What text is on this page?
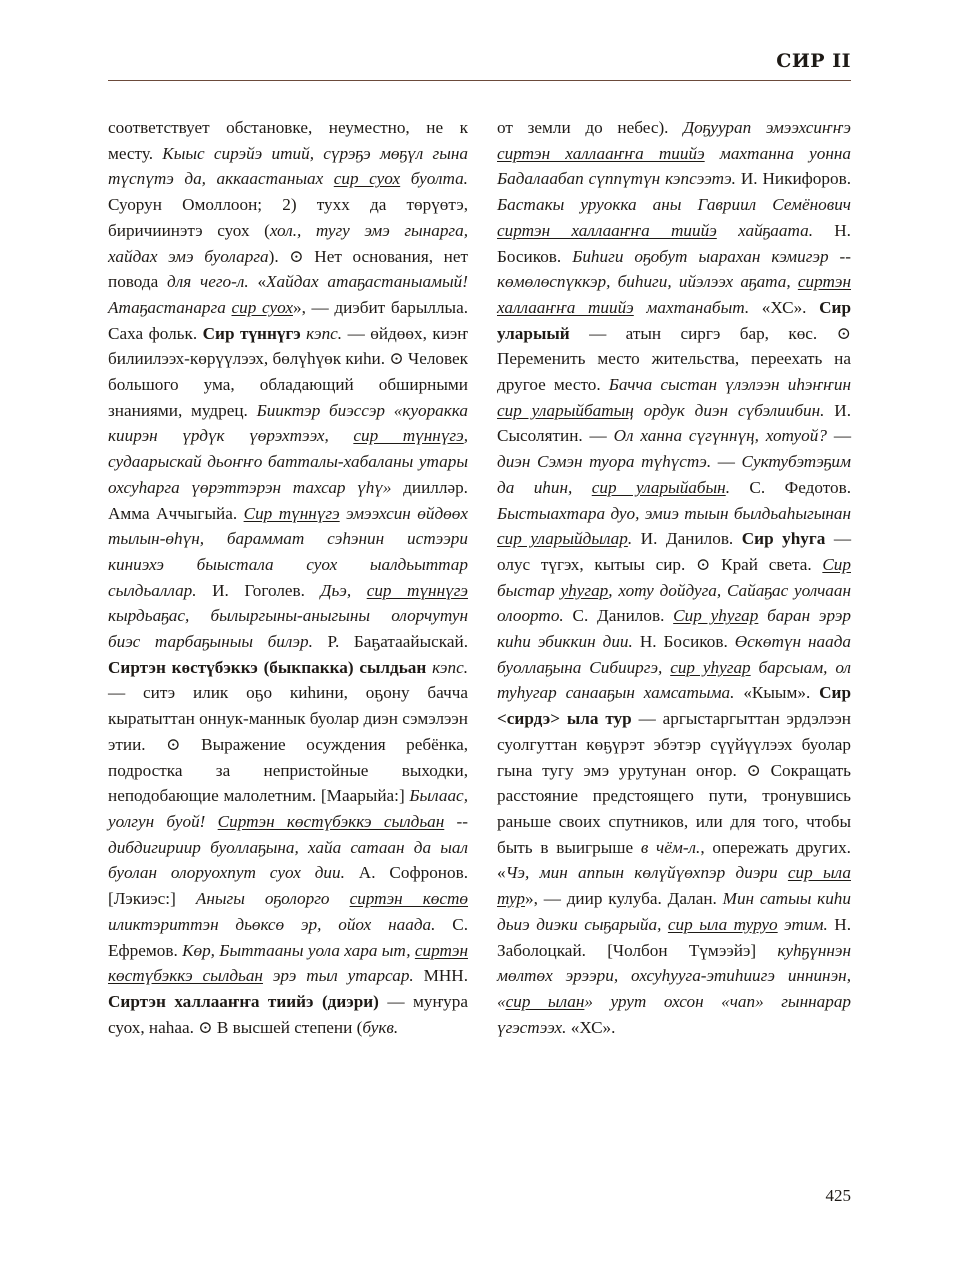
СИР II

соответствует обстановке, неуместно, не к месту. Кыыс сирэйэ итий, сүрэҕэ мөҕүл гына түспүтэ да, аккаастаныах сир суох буолта. Суорун Омоллоон; 2) тухх да төрүөтэ, биричиинэтэ суох (хол., тугу эмэ гынарга, хайдах эмэ буоларга). ⊙ Нет основания, нет повода для чего-л. «Хайдах атаҕастаныамый! Атаҕастанарга сир суох», — диэбит барыллыа. Саха фольк. Сир түннүгэ кэпс. — өйдөөх, киэҥ билиилээх-көрүүлээх, бөлүһүөк киһи. ⊙ Человек большого ума, обладающий обширными знаниями, мудрец. Бииктэр биэссэр «куоракка киирэн үрдүк үөрэхтээх, сир түннүгэ, судаарыскай дьоҥҥо батталы-хабаланы утары охсуһарга үөрэттэрэн тахсар үһү» диилләр. Амма Аччыгыйа. Сир түннүгэ эмээхсин өйдөөх тылын-өһүн, бараммат сэһэнин истээри киниэхэ быыстала суох ыалдьыттар сылдьаллар. И. Гоголев. Дьэ, сир түннүгэ кырдьаҕас, былыргыны-аныгыны олорчутун биэс тарбаҕыныы билэр. Р. Баҕатаайыскай. Сиртэн көстүбэккэ (быкпакка) сылдьан кэпс. — ситэ илик оҕо киһини, оҕону бачча кыратыттан оннук-маннык буолар диэн сэмэлээн этии. ⊙ Выражение осуждения ребёнка, подростка за непристойные выходки, неподобающие малолетним. [Маарыйа:] Былаас, уолгун буой! Сиртэн көстүбэккэ сылдьан -- дибдигириир буоллаҕына, хайа сатаан да ыал буолан олоруохпут суох дии. А. Софронов. [Лэкиэс:] Аныгы оҕолорго сиртэн көстө иликтэриттэн дьөксө эр, ойох наада. С. Ефремов. Көр, Быттааны уола хара ыт, сиртэн көстүбэккэ сылдьан эрэ тыл утарсар. МНН. Сиртэн халлааҥҥа тиийэ (диэри) — муҥура суох, наһаа. ⊙ В высшей степени (букв.

от земли до небес). Доҕуурап эмээхсиҥҥэ сиртэн халлааҥҥа тиийэ махтанна уонна Бадалаабап сүппүтүн кэпсээтэ. И. Никифоров. Бастакы уруокка аны Гавриил Семёнович сиртэн халлааҥҥа тиийэ хайҕаата. Н. Босиков. Биһиги оҕобут ыарахан кэмигэр -- көмөлөспүккэр, биһиги, ийэлээх аҕата, сиртэн халлааҥҥа тиийэ махтанабыт. «ХС». Сир уларыый — атын сиргэ бар, көс. ⊙ Переменить место жительства, переехать на другое место. Бачча сыстан үлэлээн иһэҥҥин сир уларыйбатың ордук диэн сүбэлиибин. И. Сысолятин. — Ол ханна сүгүннүң, хотуой? — диэн Сэмэн туора түһүстэ. — Суктубэтэҕим да иһин, сир уларыйабын. С. Федотов. Быстыахтара дуо, эмиэ тыын былдьаһыгынан сир уларыйдылар. И. Данилов. Сир уһуга — олус түгэх, кытыы сир. ⊙ Край света. Сир быстар уһугар, хоту дойдуга, Сайаҕас уолчаан олоорто. С. Данилов. Сир уһугар баран эрэр киһи эбиккин дии. Н. Босиков. Өскөтүн наада буоллаҕына Сибииргэ, сир уһугар барсыам, ол туһугар санааҕын хамсатыма. «Кыым». Сир <сирдэ> ыла тур — аргыстаргыттан эрдэлээн суолгуттан көҕүрэт эбэтэр сүүйүүлээх буолар гына тугу эмэ урутунан оҥор. ⊙ Сокращать расстояние предстоящего пути, тронувшись раньше своих спутников, или для того, чтобы быть в выигрыше в чём-л., опережать других. «Чэ, мин аппын көлүйүөхпэр диэри сир ыла тур», — диир кулуба. Далан. Мин сатыы киһи дьиэ диэки сыҕарыйа, сир ыла туруо этим. Н. Заболоцкай. [Чолбон Түмээйэ] куһҕүннэн мөлтөх эрээри, охсуһууга-этиһиигэ иннинэн, «сир ылан» урут охсон «чап» гыннарар үгэстээх. «ХС».

425
